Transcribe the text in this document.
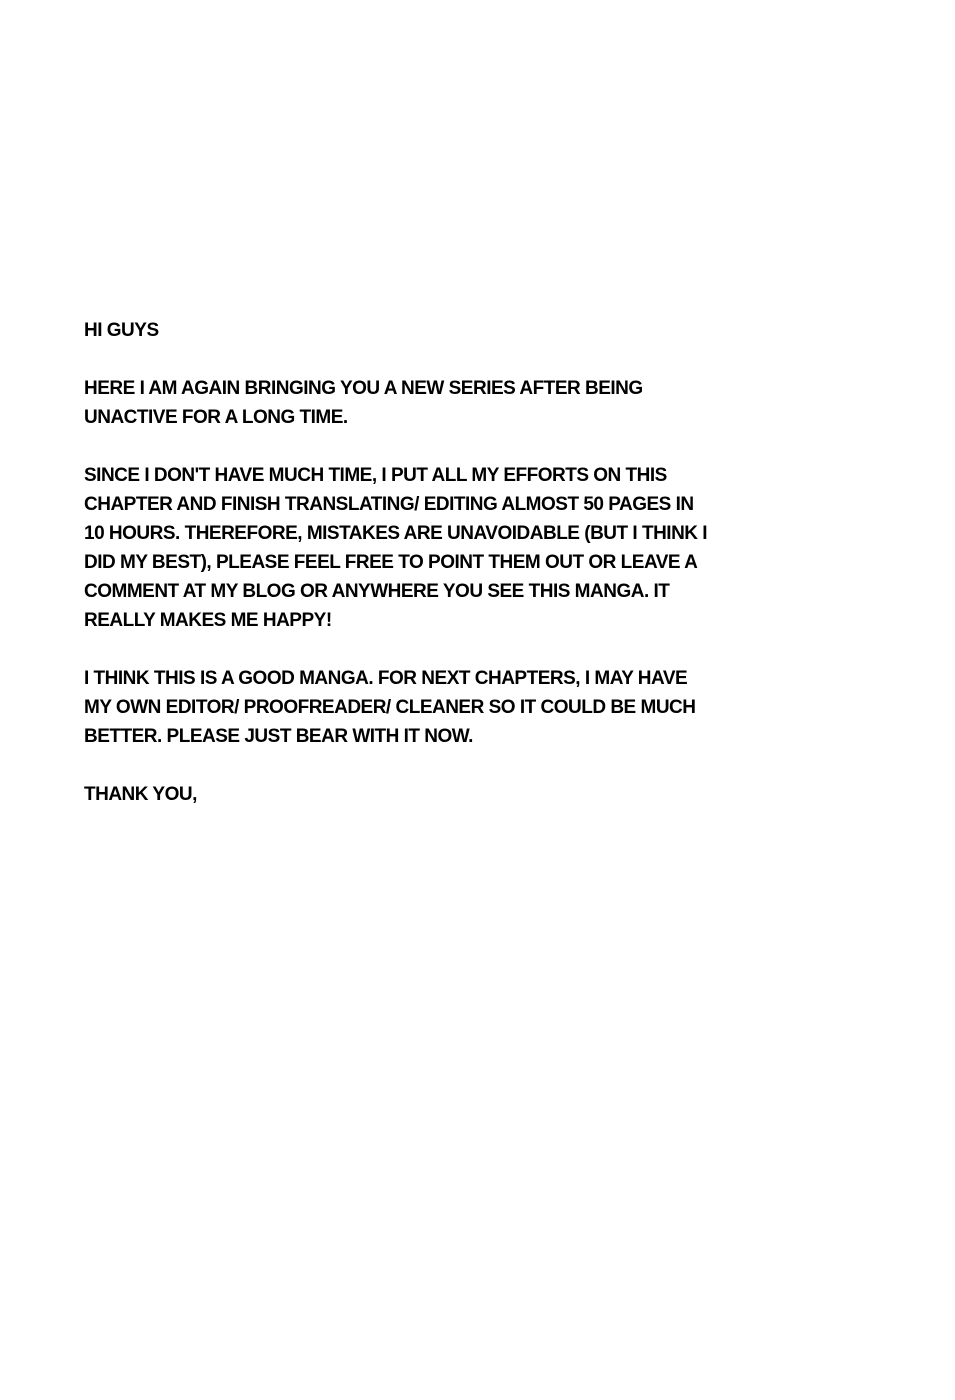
HI GUYS

HERE I AM AGAIN BRINGING YOU A NEW SERIES AFTER BEING
UNACTIVE FOR A LONG TIME.

SINCE I DON'T HAVE MUCH TIME, I PUT ALL MY EFFORTS ON THIS
CHAPTER AND FINISH TRANSLATING/ EDITING ALMOST 50 PAGES IN
10 HOURS. THEREFORE, MISTAKES ARE UNAVOIDABLE (BUT I THINK I
DID MY BEST), PLEASE FEEL FREE TO POINT THEM OUT OR LEAVE A
COMMENT AT MY BLOG OR ANYWHERE YOU SEE THIS MANGA. IT
REALLY MAKES ME HAPPY!

I THINK THIS IS A GOOD MANGA. FOR NEXT CHAPTERS, I MAY HAVE
MY OWN EDITOR/ PROOFREADER/ CLEANER SO IT COULD BE MUCH
BETTER. PLEASE JUST BEAR WITH IT NOW.

THANK YOU,
